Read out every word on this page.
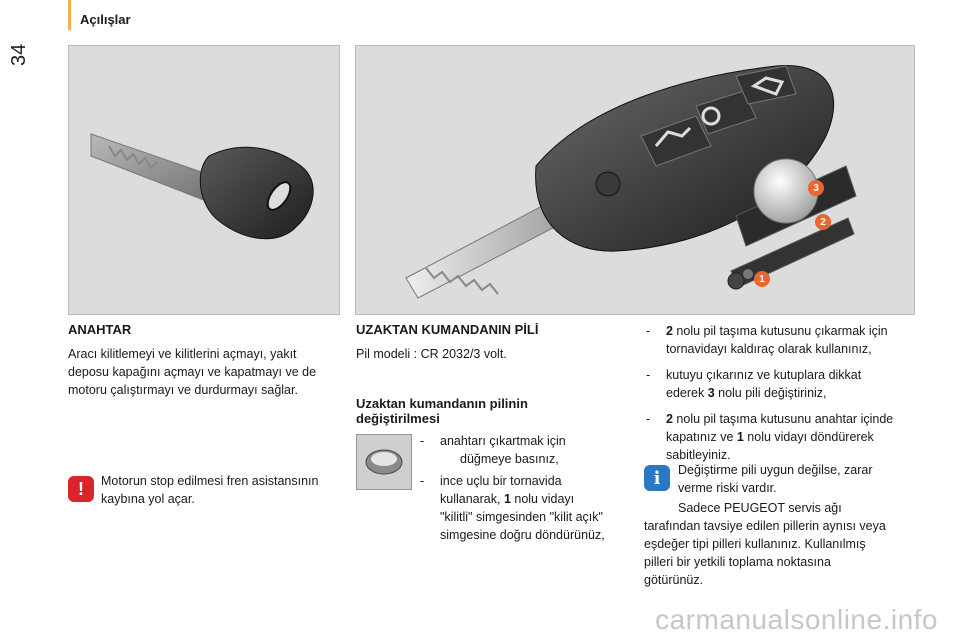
34
Açılışlar
3
2
1
ANAHTAR
Aracı kilitlemeyi ve kilitlerini açmayı, yakıt
deposu kapağını açmayı ve kapatmayı ve de
motoru çalıştırmayı ve durdurmayı sağlar.
!	Motorun stop edilmesi fren asistansının
kaybına yol açar.
UZAKTAN KUMANDANIN PİLİ
Pil modeli : CR 2032/3 volt.
Uzaktan kumandanın pilinin
değiştirilmesi
-	anahtarı çıkartmak için
düğmeye basınız,
-	ince uçlu bir tornavida
kullanarak, 1 nolu vidayı
"kilitli" simgesinden "kilit açık"
simgesine doğru döndürünüz,
-	2 nolu pil taşıma kutusunu çıkarmak için
tornavidayı kaldıraç olarak kullanınız,
-	kutuyu çıkarınız ve kutuplara dikkat
ederek 3 nolu pili değiştiriniz,
-	2 nolu pil taşıma kutusunu anahtar içinde
kapatınız ve 1 nolu vidayı döndürerek
sabitleyiniz.
i	Değiştirme pili uygun değilse, zarar
verme riski vardır.
Sadece PEUGEOT servis ağı
tarafından tavsiye edilen pillerin aynısı veya
eşdeğer tipi pilleri kullanınız. Kullanılmış
pilleri bir yetkili toplama noktasına
götürünüz.
carmanualsonline.info
